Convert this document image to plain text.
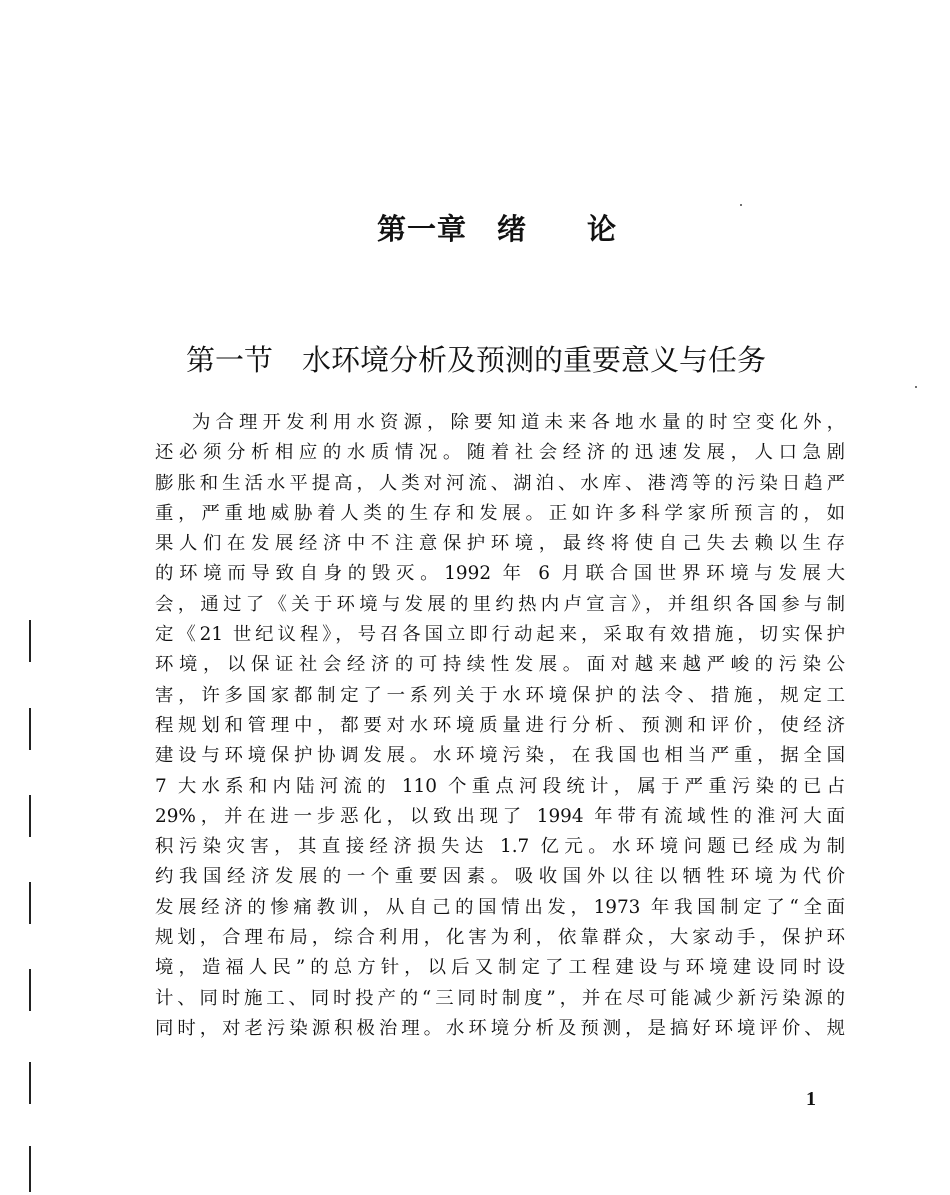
第一章　绪　　论
第一节　水环境分析及预测的重要意义与任务
为合理开发利用水资源，除要知道未来各地水量的时空变化外，
还必须分析相应的水质情况。随着社会经济的迅速发展，人口急剧
膨胀和生活水平提高，人类对河流、湖泊、水库、港湾等的污染日趋严
重，严重地威胁着人类的生存和发展。正如许多科学家所预言的，如
果人们在发展经济中不注意保护环境，最终将使自己失去赖以生存
的环境而导致自身的毁灭。1992 年 6 月联合国世界环境与发展大
会，通过了《关于环境与发展的里约热内卢宣言》，并组织各国参与制
定《21 世纪议程》，号召各国立即行动起来，采取有效措施，切实保护
环境，以保证社会经济的可持续性发展。面对越来越严峻的污染公
害，许多国家都制定了一系列关于水环境保护的法令、措施，规定工
程规划和管理中，都要对水环境质量进行分析、预测和评价，使经济
建设与环境保护协调发展。水环境污染，在我国也相当严重，据全国
7 大水系和内陆河流的 110 个重点河段统计，属于严重污染的已占
29%，并在进一步恶化，以致出现了 1994 年带有流域性的淮河大面
积污染灾害，其直接经济损失达 1.7 亿元。水环境问题已经成为制
约我国经济发展的一个重要因素。吸收国外以往以牺牲环境为代价
发展经济的惨痛教训，从自己的国情出发，1973 年我国制定了“全面
规划，合理布局，综合利用，化害为利，依靠群众，大家动手，保护环
境，造福人民”的总方针，以后又制定了工程建设与环境建设同时设
计、同时施工、同时投产的“三同时制度”，并在尽可能减少新污染源的
同时，对老污染源积极治理。水环境分析及预测，是搞好环境评价、规
1
